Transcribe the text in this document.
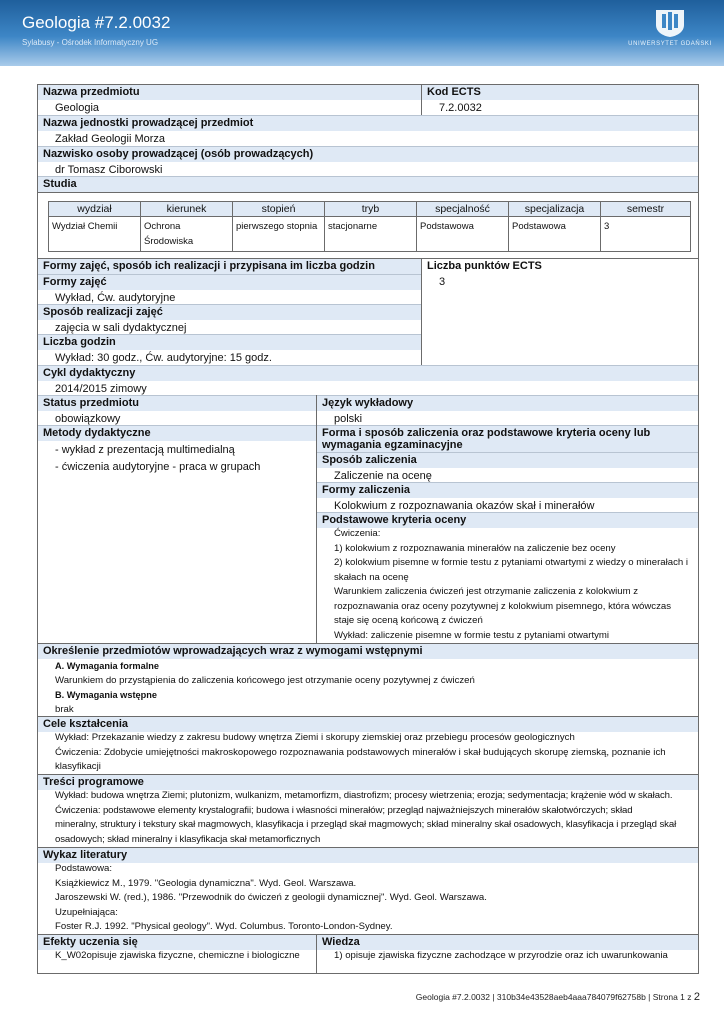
Geologia #7.2.0032
Sylabusy - Ośrodek Informatyczny UG	UNIWERSYTET GDAŃSKI
Nazwa przedmiotu	Kod ECTS
Geologia	7.2.0032
Nazwa jednostki prowadzącej przedmiot
Zakład Geologii Morza
Nazwisko osoby prowadzącej (osób prowadzących)
dr Tomasz Ciborowski
Studia
wydział	kierunek	stopień	tryb	specjalność	specjalizacja	semestr
Wydział Chemii	Ochrona Środowiska	pierwszego stopnia	stacjonarne	Podstawowa	Podstawowa	3
Formy zajęć, sposób ich realizacji i przypisana im liczba godzin	Liczba punktów ECTS
3
Formy zajęć
Wykład, Ćw. audytoryjne
Sposób realizacji zajęć
zajęcia w sali dydaktycznej
Liczba godzin
Wykład: 30 godz., Ćw. audytoryjne: 15 godz.
Cykl dydaktyczny
2014/2015 zimowy
Status przedmiotu	Język wykładowy
obowiązkowy	polski
Metody dydaktyczne
- wykład z prezentacją multimedialną
- ćwiczenia audytoryjne - praca w grupach
Forma i sposób zaliczenia oraz podstawowe kryteria oceny lub wymagania egzaminacyjne
Sposób zaliczenia
Zaliczenie na ocenę
Formy zaliczenia
Kolokwium z rozpoznawania okazów skał i minerałów
Podstawowe kryteria oceny
Ćwiczenia:
1) kolokwium z rozpoznawania minerałów na zaliczenie bez oceny
2) kolokwium pisemne w formie testu z pytaniami otwartymi z wiedzy o minerałach i
skałach na ocenę
Warunkiem zaliczenia ćwiczeń jest otrzymanie zaliczenia z kolokwium z
rozpoznawania oraz oceny pozytywnej z kolokwium pisemnego, która wówczas
staje się oceną końcową z ćwiczeń
Wykład: zaliczenie pisemne w formie testu z pytaniami otwartymi
Określenie przedmiotów wprowadzających wraz z wymogami wstępnymi
A. Wymagania formalne
Warunkiem do przystąpienia do zaliczenia końcowego jest otrzymanie oceny pozytywnej z ćwiczeń
B. Wymagania wstępne
brak
Cele kształcenia
Wykład: Przekazanie wiedzy z zakresu budowy wnętrza Ziemi i skorupy ziemskiej oraz przebiegu procesów geologicznych
Ćwiczenia: Zdobycie umiejętności makroskopowego rozpoznawania podstawowych minerałów i skał budujących skorupę ziemską, poznanie ich
klasyfikacji
Treści programowe
Wykład: budowa wnętrza Ziemi; plutonizm, wulkanizm, metamorfizm, diastrofizm; procesy wietrzenia; erozja; sedymentacja; krążenie wód w skałach.
Ćwiczenia: podstawowe elementy krystalografii; budowa i własności minerałów; przegląd najważniejszych minerałów skałotwórczych; skład
mineralny, struktury i tekstury skał magmowych, klasyfikacja i przegląd skał magmowych; skład mineralny skał osadowych, klasyfikacja i przegląd skał
osadowych; skład mineralny i klasyfikacja skał metamorficznych
Wykaz literatury
Podstawowa:
Książkiewicz M., 1979. "Geologia dynamiczna". Wyd. Geol. Warszawa.
Jaroszewski W. (red.), 1986. "Przewodnik do ćwiczeń z geologii dynamicznej". Wyd. Geol. Warszawa.
Uzupełniająca:
Foster R.J. 1992. "Physical geology". Wyd. Columbus. Toronto-London-Sydney.
Efekty uczenia się	Wiedza
K_W02opisuje zjawiska fizyczne, chemiczne i biologiczne	1) opisuje zjawiska fizyczne zachodzące w przyrodzie oraz ich uwarunkowania
Geologia #7.2.0032 | 310b34e43528aeb4aaa784079f62758b | Strona 1 z 2
